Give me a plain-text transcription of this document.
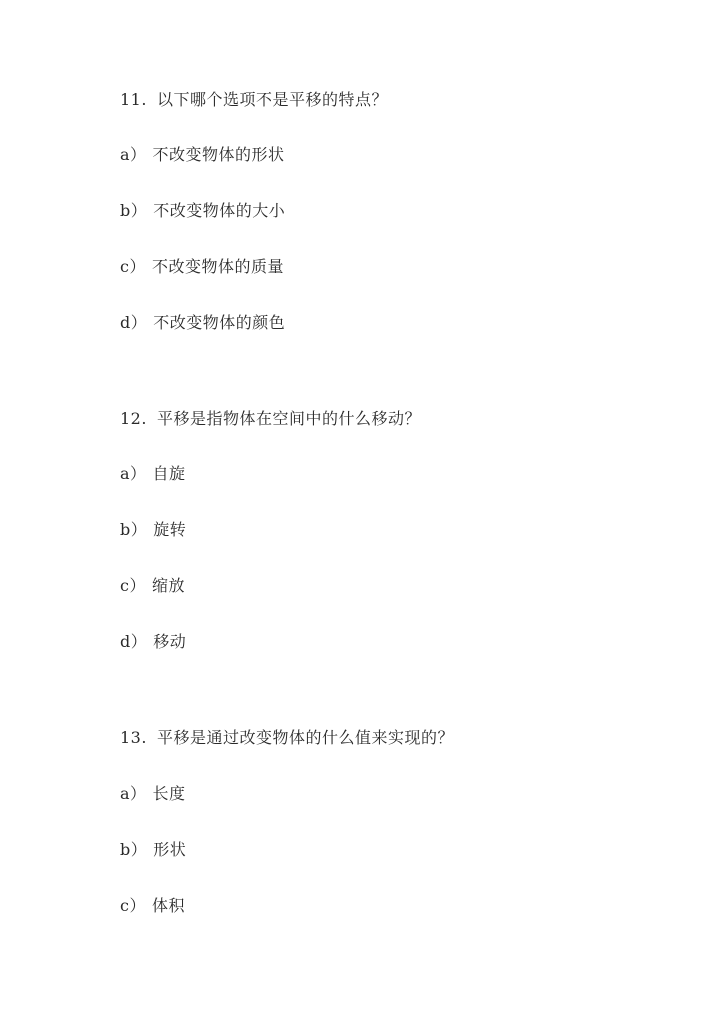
11. 以下哪个选项不是平移的特点？
a） 不改变物体的形状
b） 不改变物体的大小
c） 不改变物体的质量
d） 不改变物体的颜色
12. 平移是指物体在空间中的什么移动？
a） 自旋
b） 旋转
c） 缩放
d） 移动
13. 平移是通过改变物体的什么值来实现的？
a） 长度
b） 形状
c） 体积
